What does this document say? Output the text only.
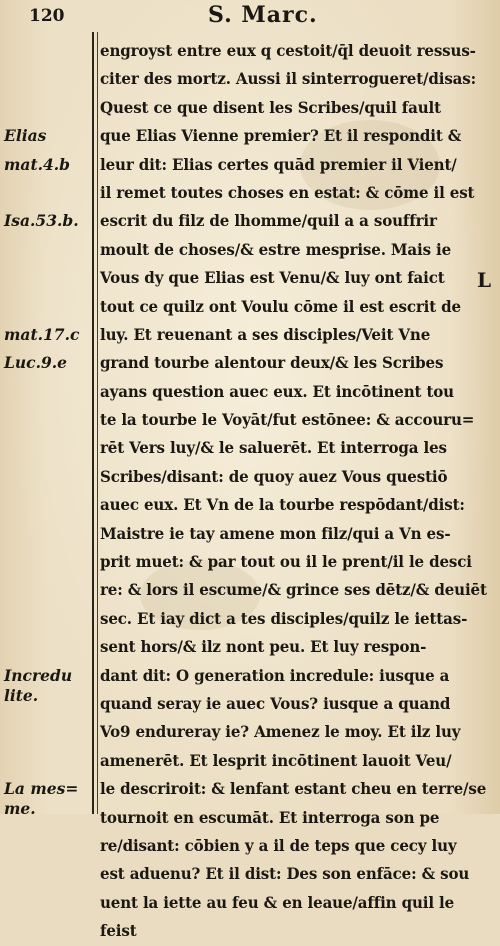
120	S. Marc.
engroyst entre eux q cestoit/q̄l deuoit ressus-
citer des mortz. Aussi il sinterrogueret/disas:
Quest ce que disent les Scribes/quil fault
que Elias Vienne premier? Et il respondit &
leur dit: Elias certes quād premier il Vient/
il remet toutes choses en estat: & cōme il est
escrit du filz de lhomme/quil a a souffrir
moult de choses/& estre mesprise. Mais ie
Vous dy que Elias est Venu/& luy ont faict
tout ce quilz ont Voulu cōme il est escrit de
luy. Et reuenant a ses disciples/Veit Vne
grand tourbe alentour deux/& les Scribes
ayans question auec eux. Et incōtinent tou
te la tourbe le Voyāt/fut estōnee: & accouru=
rēt Vers luy/& le saluerēt. Et interroga les
Scribes/disant: de quoy auez Vous questiō
auec eux. Et Vn de la tourbe respōdant/dist:
Maistre ie tay amene mon filz/qui a Vn es-
prit muet: & par tout ou il le prent/il le desci
re: & lors il escume/& grince ses dētz/& deuiēt
sec. Et iay dict a tes disciples/quilz le iettas-
sent hors/& ilz nont peu. Et luy respon-
dant dit: O generation incredule: iusque a
quand seray ie auec Vous? iusque a quand
Vo9 endureray ie? Amenez le moy. Et ilz luy
amenerēt. Et lesprit incōtinent lauoit Veu/
le descriroit: & lenfant estant cheu en terre/se
tournoit en escumāt. Et interroga son pe
re/disant: cōbien y a il de teps que cecy luy
est aduenu? Et il dist: Des son enfāce: & sou
uent la iette au feu & en leaue/affin quil le
feist
Elias
mat.4.b
Isa.53.b.
mat.17.c
Luc.9.e
Incredu
lite.
La mes=
me.
L
